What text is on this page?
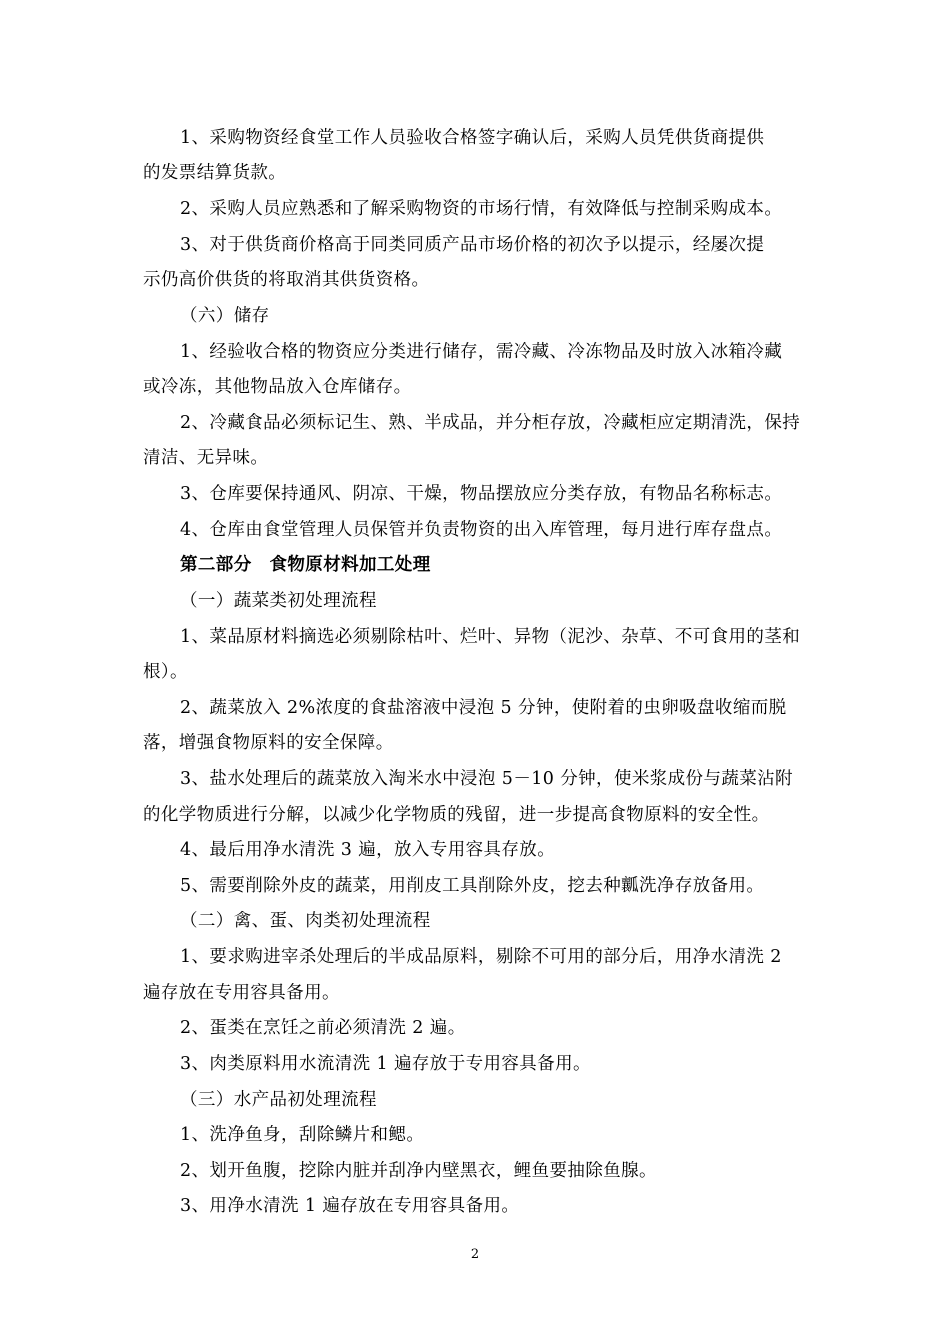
1、采购物资经食堂工作人员验收合格签字确认后，采购人员凭供货商提供
的发票结算货款。
2、采购人员应熟悉和了解采购物资的市场行情，有效降低与控制采购成本。
3、对于供货商价格高于同类同质产品市场价格的初次予以提示，经屡次提
示仍高价供货的将取消其供货资格。
（六）储存
1、经验收合格的物资应分类进行储存，需冷藏、冷冻物品及时放入冰箱冷藏
或冷冻，其他物品放入仓库储存。
2、冷藏食品必须标记生、熟、半成品，并分柜存放，冷藏柜应定期清洗，保持
清洁、无异味。
3、仓库要保持通风、阴凉、干燥，物品摆放应分类存放，有物品名称标志。
4、仓库由食堂管理人员保管并负责物资的出入库管理，每月进行库存盘点。
第二部分　食物原材料加工处理
（一）蔬菜类初处理流程
1、菜品原材料摘选必须剔除枯叶、烂叶、异物（泥沙、杂草、不可食用的茎和
根）。
2、蔬菜放入 2%浓度的食盐溶液中浸泡 5 分钟，使附着的虫卵吸盘收缩而脱
落，增强食物原料的安全保障。
3、盐水处理后的蔬菜放入淘米水中浸泡 5－10 分钟，使米浆成份与蔬菜沾附
的化学物质进行分解，以减少化学物质的残留，进一步提高食物原料的安全性。
4、最后用净水清洗 3 遍，放入专用容具存放。
5、需要削除外皮的蔬菜，用削皮工具削除外皮，挖去种瓤洗净存放备用。
（二）禽、蛋、肉类初处理流程
1、要求购进宰杀处理后的半成品原料，剔除不可用的部分后，用净水清洗 2
遍存放在专用容具备用。
2、蛋类在烹饪之前必须清洗 2 遍。
3、肉类原料用水流清洗 1 遍存放于专用容具备用。
（三）水产品初处理流程
1、洗净鱼身，刮除鳞片和鳃。
2、划开鱼腹，挖除内脏并刮净内壁黑衣，鲤鱼要抽除鱼腺。
3、用净水清洗 1 遍存放在专用容具备用。
2
